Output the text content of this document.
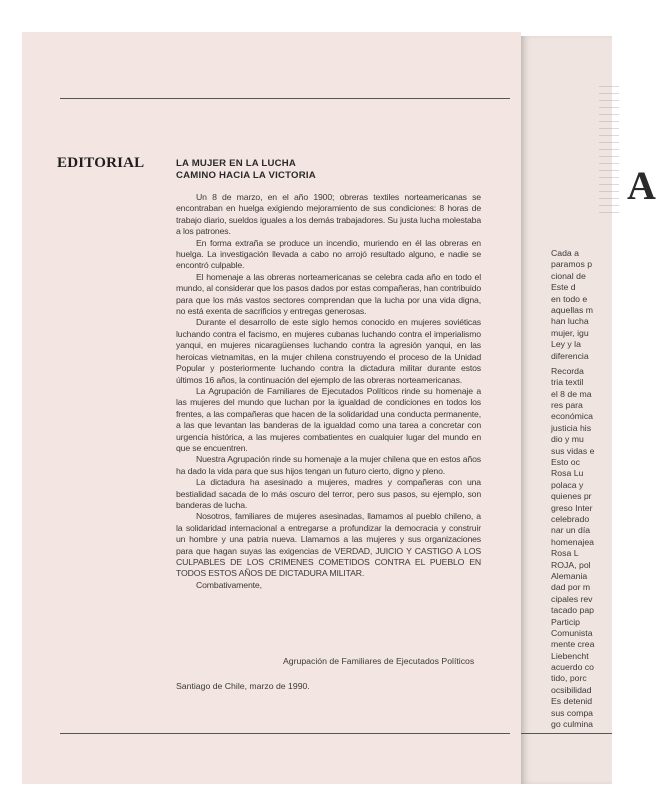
EDITORIAL	LA MUJER EN LA LUCHA
CAMINO HACIA LA VICTORIA

Un 8 de marzo, en el año 1900; obreras textiles norteamericanas se encontraban en huelga exigiendo mejoramiento de sus condiciones: 8 horas de trabajo diario, sueldos iguales a los demás trabajadores. Su justa lucha molestaba a los patrones.

En forma extraña se produce un incendio, muriendo en él las obreras en huelga. La investigación llevada a cabo no arrojó resultado alguno, e nadie se encontró culpable.

El homenaje a las obreras norteamericanas se celebra cada año en todo el mundo, al considerar que los pasos dados por estas compañeras, han contribuido para que los más vastos sectores comprendan que la lucha por una vida digna, no está exenta de sacrificios y entregas generosas.

Durante el desarrollo de este siglo hemos conocido en mujeres soviéticas luchando contra el facismo, en mujeres cubanas luchando contra el imperialismo yanqui, en mujeres nicaragüenses luchando contra la agresión yanqui, en las heroicas vietnamitas, en la mujer chilena construyendo el proceso de la Unidad Popular y posteriormente luchando contra la dictadura militar durante estos últimos 16 años, la continuación del ejemplo de las obreras norteamericanas.

La Agrupación de Familiares de Ejecutados Políticos rinde su homenaje a las mujeres del mundo que luchan por la igualdad de condiciones en todos los frentes, a las compañeras que hacen de la solidaridad una conducta permanente, a las que levantan las banderas de la igualdad como una tarea a concretar con urgencia histórica, a las mujeres combatientes en cualquier lugar del mundo en que se encuentren.

Nuestra Agrupación rinde su homenaje a la mujer chilena que en estos años ha dado la vida para que sus hijos tengan un futuro cierto, digno y pleno.

La dictadura ha asesinado a mujeres, madres y compañeras con una bestialidad sacada de lo más oscuro del terror, pero sus pasos, su ejemplo, son banderas de lucha.

Nosotros, familiares de mujeres asesinadas, llamamos al pueblo chileno, a la solidaridad internacional a entregarse a profundizar la democracia y construir un hombre y una patria nueva. Llamamos a las mujeres y sus organizaciones para que hagan suyas las exigencias de VERDAD, JUICIO Y CASTIGO A LOS CULPABLES DE LOS CRIMENES COMETIDOS CONTRA EL PUEBLO EN TODOS ESTOS AÑOS DE DICTADURA MILITAR.

Combativamente,

Agrupación de Familiares de Ejecutados Políticos
Santiago de Chile, marzo de 1990.
A
Cada a
paramos p
cional de
Este d
en todo e
aquellas m
han lucha
mujer, igu
Ley y la
diferencia
Recorda
tria textil
el 8 de ma
res para
económica
justicia his
dio y mu
sus vidas e
Esto oc
Rosa Lu
polaca y
quienes pr
greso Inter
celebrado
nar un día
homenajea
Rosa L
ROJA, pol
Alemania
dad por m
cipales rev
tacado pap
Particip
Comunista
mente crea
Liebencht
acuerdo co
tido, porc
ocsibilidad
Es detenid
sus compa
go culmina
